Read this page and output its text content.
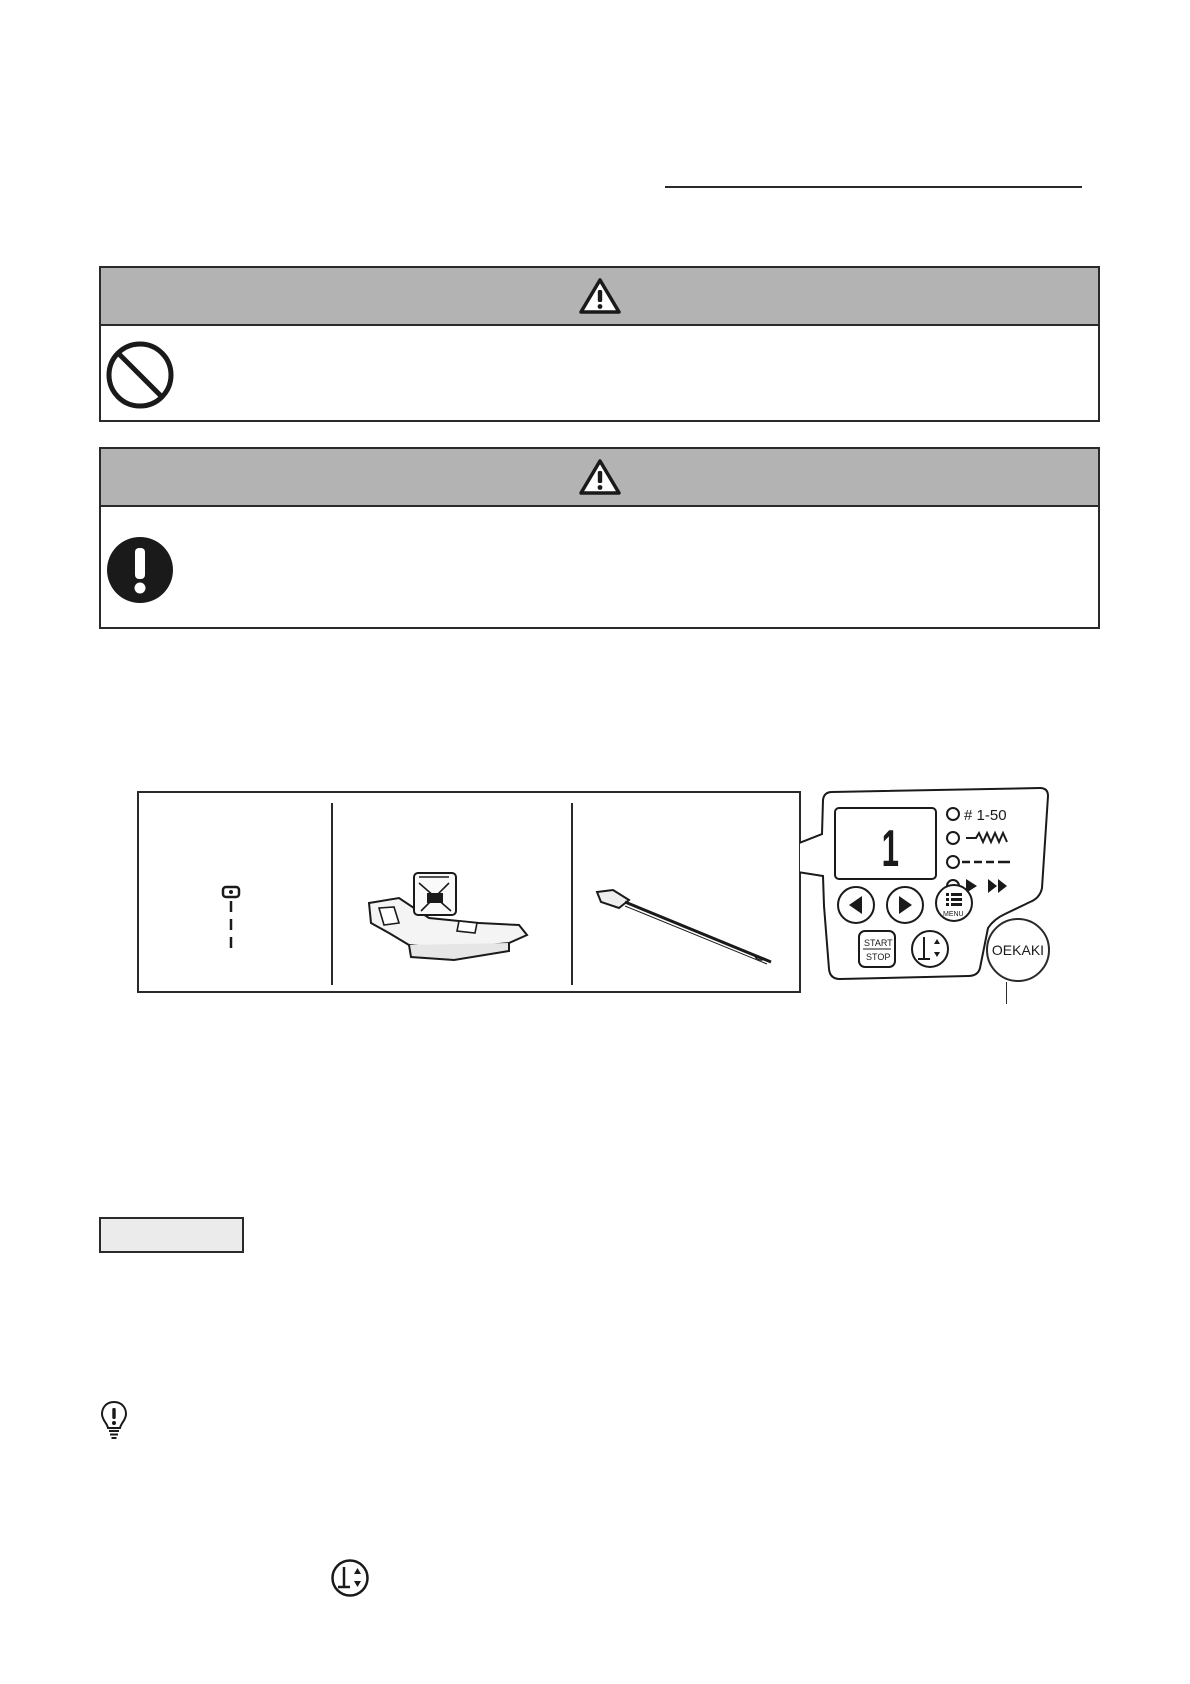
1
# 1-50
MENU
START
STOP	OEKAKI
